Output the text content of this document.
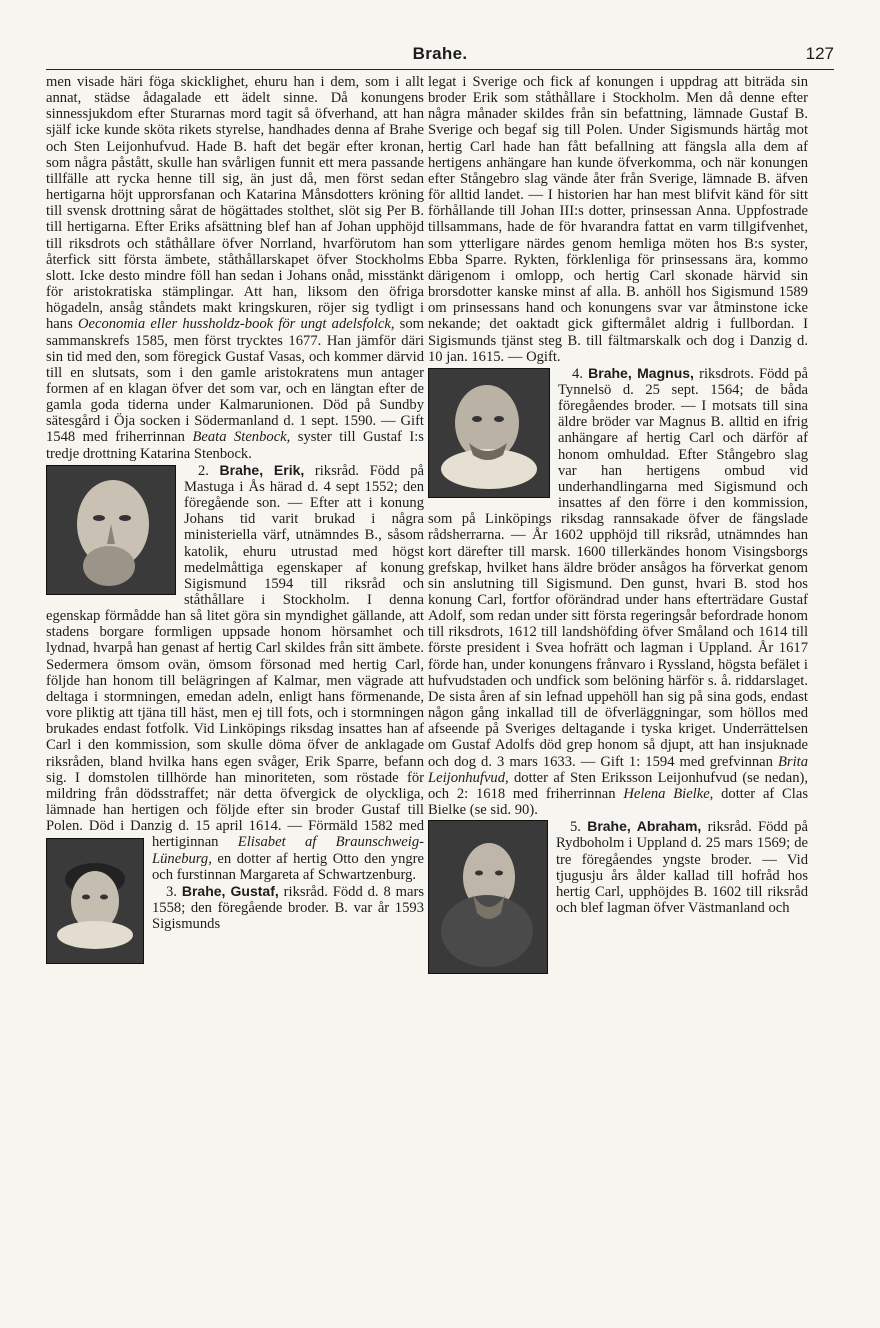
Brahe.	127

men visade häri föga skicklighet, ehuru han i dem, som i allt annat, städse ådagalade ett ädelt sinne. Då konungens sinnessjukdom efter Sturarnas mord tagit så öfverhand, att han själf icke kunde sköta rikets styrelse, handhades denna af Brahe och Sten Leijonhufvud. Hade B. haft det begär efter kronan, som några påstått, skulle han svårligen funnit ett mera passande tillfälle att rycka henne till sig, än just då, men först sedan hertigarna höjt upprorsfanan och Katarina Månsdotters kröning till svensk drottning sårat de högättades stolthet, slöt sig Per B. till hertigarna. Efter Eriks afsättning blef han af Johan upphöjd till riksdrots och ståthållare öfver Norrland, hvarförutom han återfick sitt första ämbete, ståthållarskapet öfver Stockholms slott. Icke desto mindre föll han sedan i Johans onåd, misstänkt för aristokratiska stämplingar. Att han, liksom den öfriga högadeln, ansåg ståndets makt kringskuren, röjer sig tydligt i hans Oeconomia eller hussholdz-book för ungt adelsfolck, som sammanskrefs 1585, men först trycktes 1677. Han jämför däri sin tid med den, som föregick Gustaf Vasas, och kommer därvid till en slutsats, som i den gamle aristokratens mun antager formen af en klagan öfver det som var, och en längtan efter de gamla goda tiderna under Kalmarunionen. Död på Sundby sätesgård i Öja socken i Södermanland d. 1 sept. 1590. — Gift 1548 med friherrinnan Beata Stenbock, syster till Gustaf I:s tredje drottning Katarina Stenbock.

2. Brahe, Erik, riksråd. Född på Mastuga i Ås härad d. 4 sept 1552; den föregående son. — Efter att i konung Johans tid varit brukad i några ministeriella värf, utnämndes B., såsom katolik, ehuru utrustad med högst medelmåttiga egenskaper af konung Sigismund 1594 till riksråd och ståthållare i Stockholm. I denna egenskap förmådde han så litet göra sin myndighet gällande, att stadens borgare formligen uppsade honom hörsamhet och lydnad, hvarpå han genast af hertig Carl skildes från sitt ämbete. Sedermera ömsom ovän, ömsom försonad med hertig Carl, följde han honom till belägringen af Kalmar, men vägrade att deltaga i stormningen, emedan adeln, enligt hans förmenande, vore pliktig att tjäna till häst, men ej till fots, och i stormningen brukades endast fotfolk. Vid Linköpings riksdag insattes han af Carl i den kommission, som skulle döma öfver de anklagade riksråden, bland hvilka hans egen svåger, Erik Sparre, befann sig. I domstolen tillhörde han minoriteten, som röstade för mildring från dödsstraffet; när detta öfvergick de olyckliga, lämnade han hertigen och följde efter sin broder Gustaf till Polen. Död i Danzig d. 15 april 1614. — Förmäld 1582 med hertiginnan Elisabet af Braunschweig-Lüneburg, en dotter af hertig Otto den yngre och furstinnan Margareta af Schwartzenburg.

3. Brahe, Gustaf, riksråd. Född d. 8 mars 1558; den föregående broder. B. var år 1593 Sigismunds

legat i Sverige och fick af konungen i uppdrag att biträda sin broder Erik som ståthållare i Stockholm. Men då denne efter några månader skildes från sin befattning, lämnade Gustaf B. Sverige och begaf sig till Polen. Under Sigismunds härtåg mot hertig Carl hade han fått befallning att fängsla alla dem af hertigens anhängare han kunde öfverkomma, och när konungen efter Stångebro slag vände åter från Sverige, lämnade B. äfven för alltid landet. — I historien har han mest blifvit känd för sitt förhållande till Johan III:s dotter, prinsessan Anna. Uppfostrade tillsammans, hade de för hvarandra fattat en varm tillgifvenhet, som ytterligare närdes genom hemliga möten hos B:s syster, Ebba Sparre. Rykten, förklenliga för prinsessans ära, kommo därigenom i omlopp, och hertig Carl skonade härvid sin brorsdotter kanske minst af alla. B. anhöll hos Sigismund 1589 om prinsessans hand och konungens svar var åtminstone icke nekande; det oaktadt gick giftermålet aldrig i fullbordan. I Sigismunds tjänst steg B. till fältmarskalk och dog i Danzig d. 10 jan. 1615. — Ogift.

4. Brahe, Magnus, riksdrots. Född på Tynnelsö d. 25 sept. 1564; de båda föregåendes broder. — I motsats till sina äldre bröder var Magnus B. alltid en ifrig anhängare af hertig Carl och därför af honom omhuldad. Efter Stångebro slag var han hertigens ombud vid underhandlingarna med Sigismund och insattes af den förre i den kommission, som på Linköpings riksdag rannsakade öfver de fängslade rådsherrarna. — År 1602 upphöjd till riksråd, utnämndes han kort därefter till marsk. 1600 tillerkändes honom Visingsborgs grefskap, hvilket hans äldre bröder ansågos ha förverkat genom sin anslutning till Sigismund. Den gunst, hvari B. stod hos konung Carl, fortfor oförändrad under hans efterträdare Gustaf Adolf, som redan under sitt första regeringsår befordrade honom till riksdrots, 1612 till landshöfding öfver Småland och 1614 till förste president i Svea hofrätt och lagman i Uppland. År 1617 förde han, under konungens frånvaro i Ryssland, högsta befälet i hufvudstaden och undfick som belöning härför s. å. riddarslaget. De sista åren af sin lefnad uppehöll han sig på sina gods, endast någon gång inkallad till de öfverläggningar, som höllos med afseende på Sveriges deltagande i tyska kriget. Underrättelsen om Gustaf Adolfs död grep honom så djupt, att han insjuknade och dog d. 3 mars 1633. — Gift 1: 1594 med grefvinnan Brita Leijonhufvud, dotter af Sten Eriksson Leijonhufvud (se nedan), och 2: 1618 med friherrinnan Helena Bielke, dotter af Clas Bielke (se sid. 90).

5. Brahe, Abraham, riksråd. Född på Rydboholm i Uppland d. 25 mars 1569; de tre föregåendes yngste broder. — Vid tjugusju års ålder kallad till hofråd hos hertig Carl, upphöjdes B. 1602 till riksråd och blef lagman öfver Västmanland och
